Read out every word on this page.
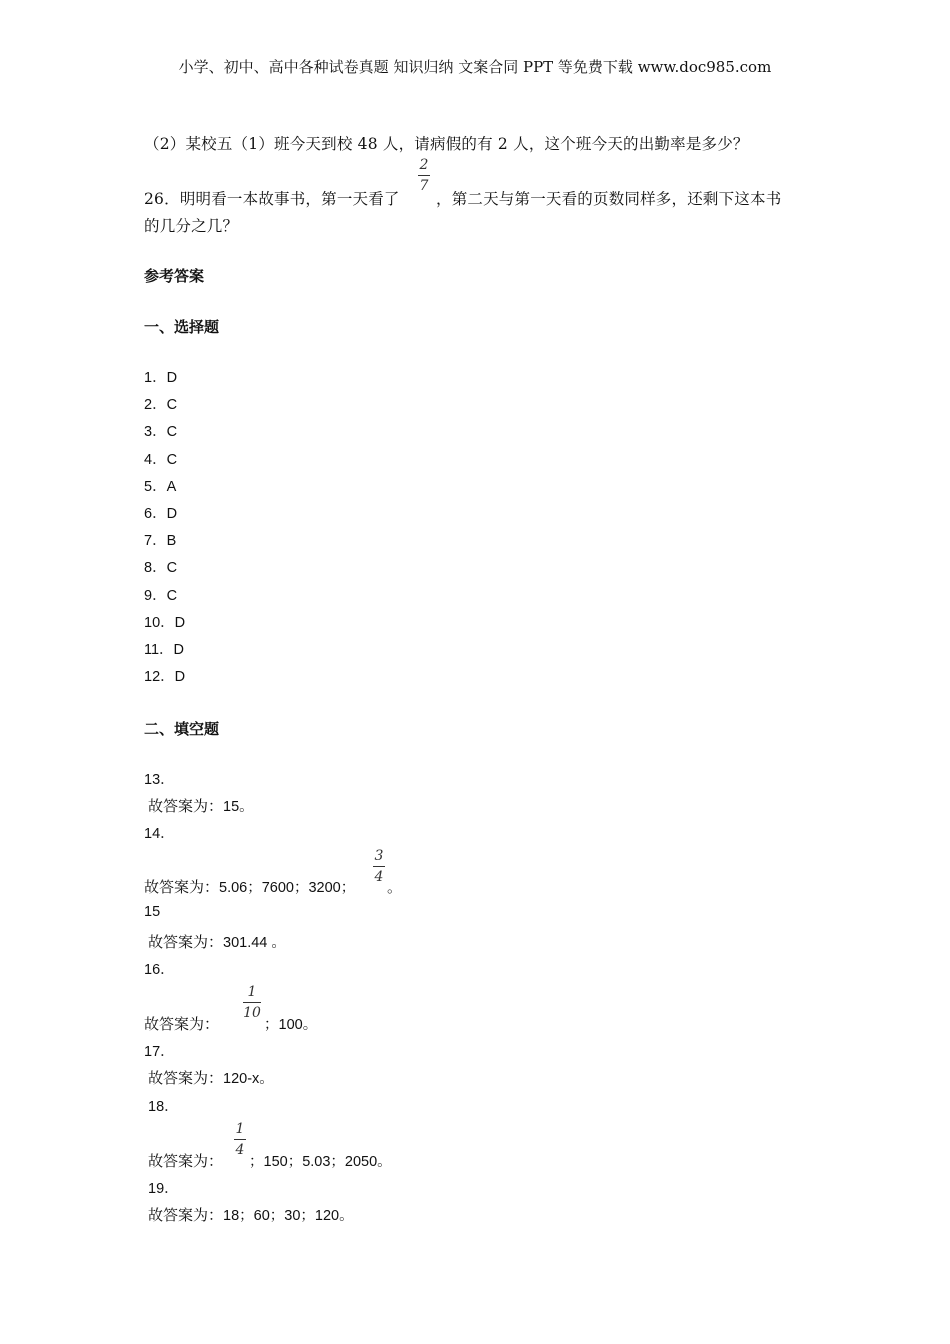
小学、初中、高中各种试卷真题 知识归纳 文案合同 PPT 等免费下载 www.doc985.com
（2）某校五（1）班今天到校 48 人，请病假的有 2 人，这个班今天的出勤率是多少？
26．明明看一本故事书，第一天看了
2
7
，第二天与第一天看的页数同样多，还剩下这本书
的几分之几？
参考答案
一、选择题
1．D
2．C
3．C
4．C
5．A
6．D
7．B
8．C
9．C
10．D
11．D
12．D
二、填空题
13．
故答案为：15。
14．
故答案为：5.06；7600；3200；
3
4
。
15
故答案为：301.44 。
16．
故答案为：
1
10
；100。
17．
故答案为：120-x。
18．
故答案为：
1
4
；150；5.03；2050。
19．
故答案为：18；60；30；120。
